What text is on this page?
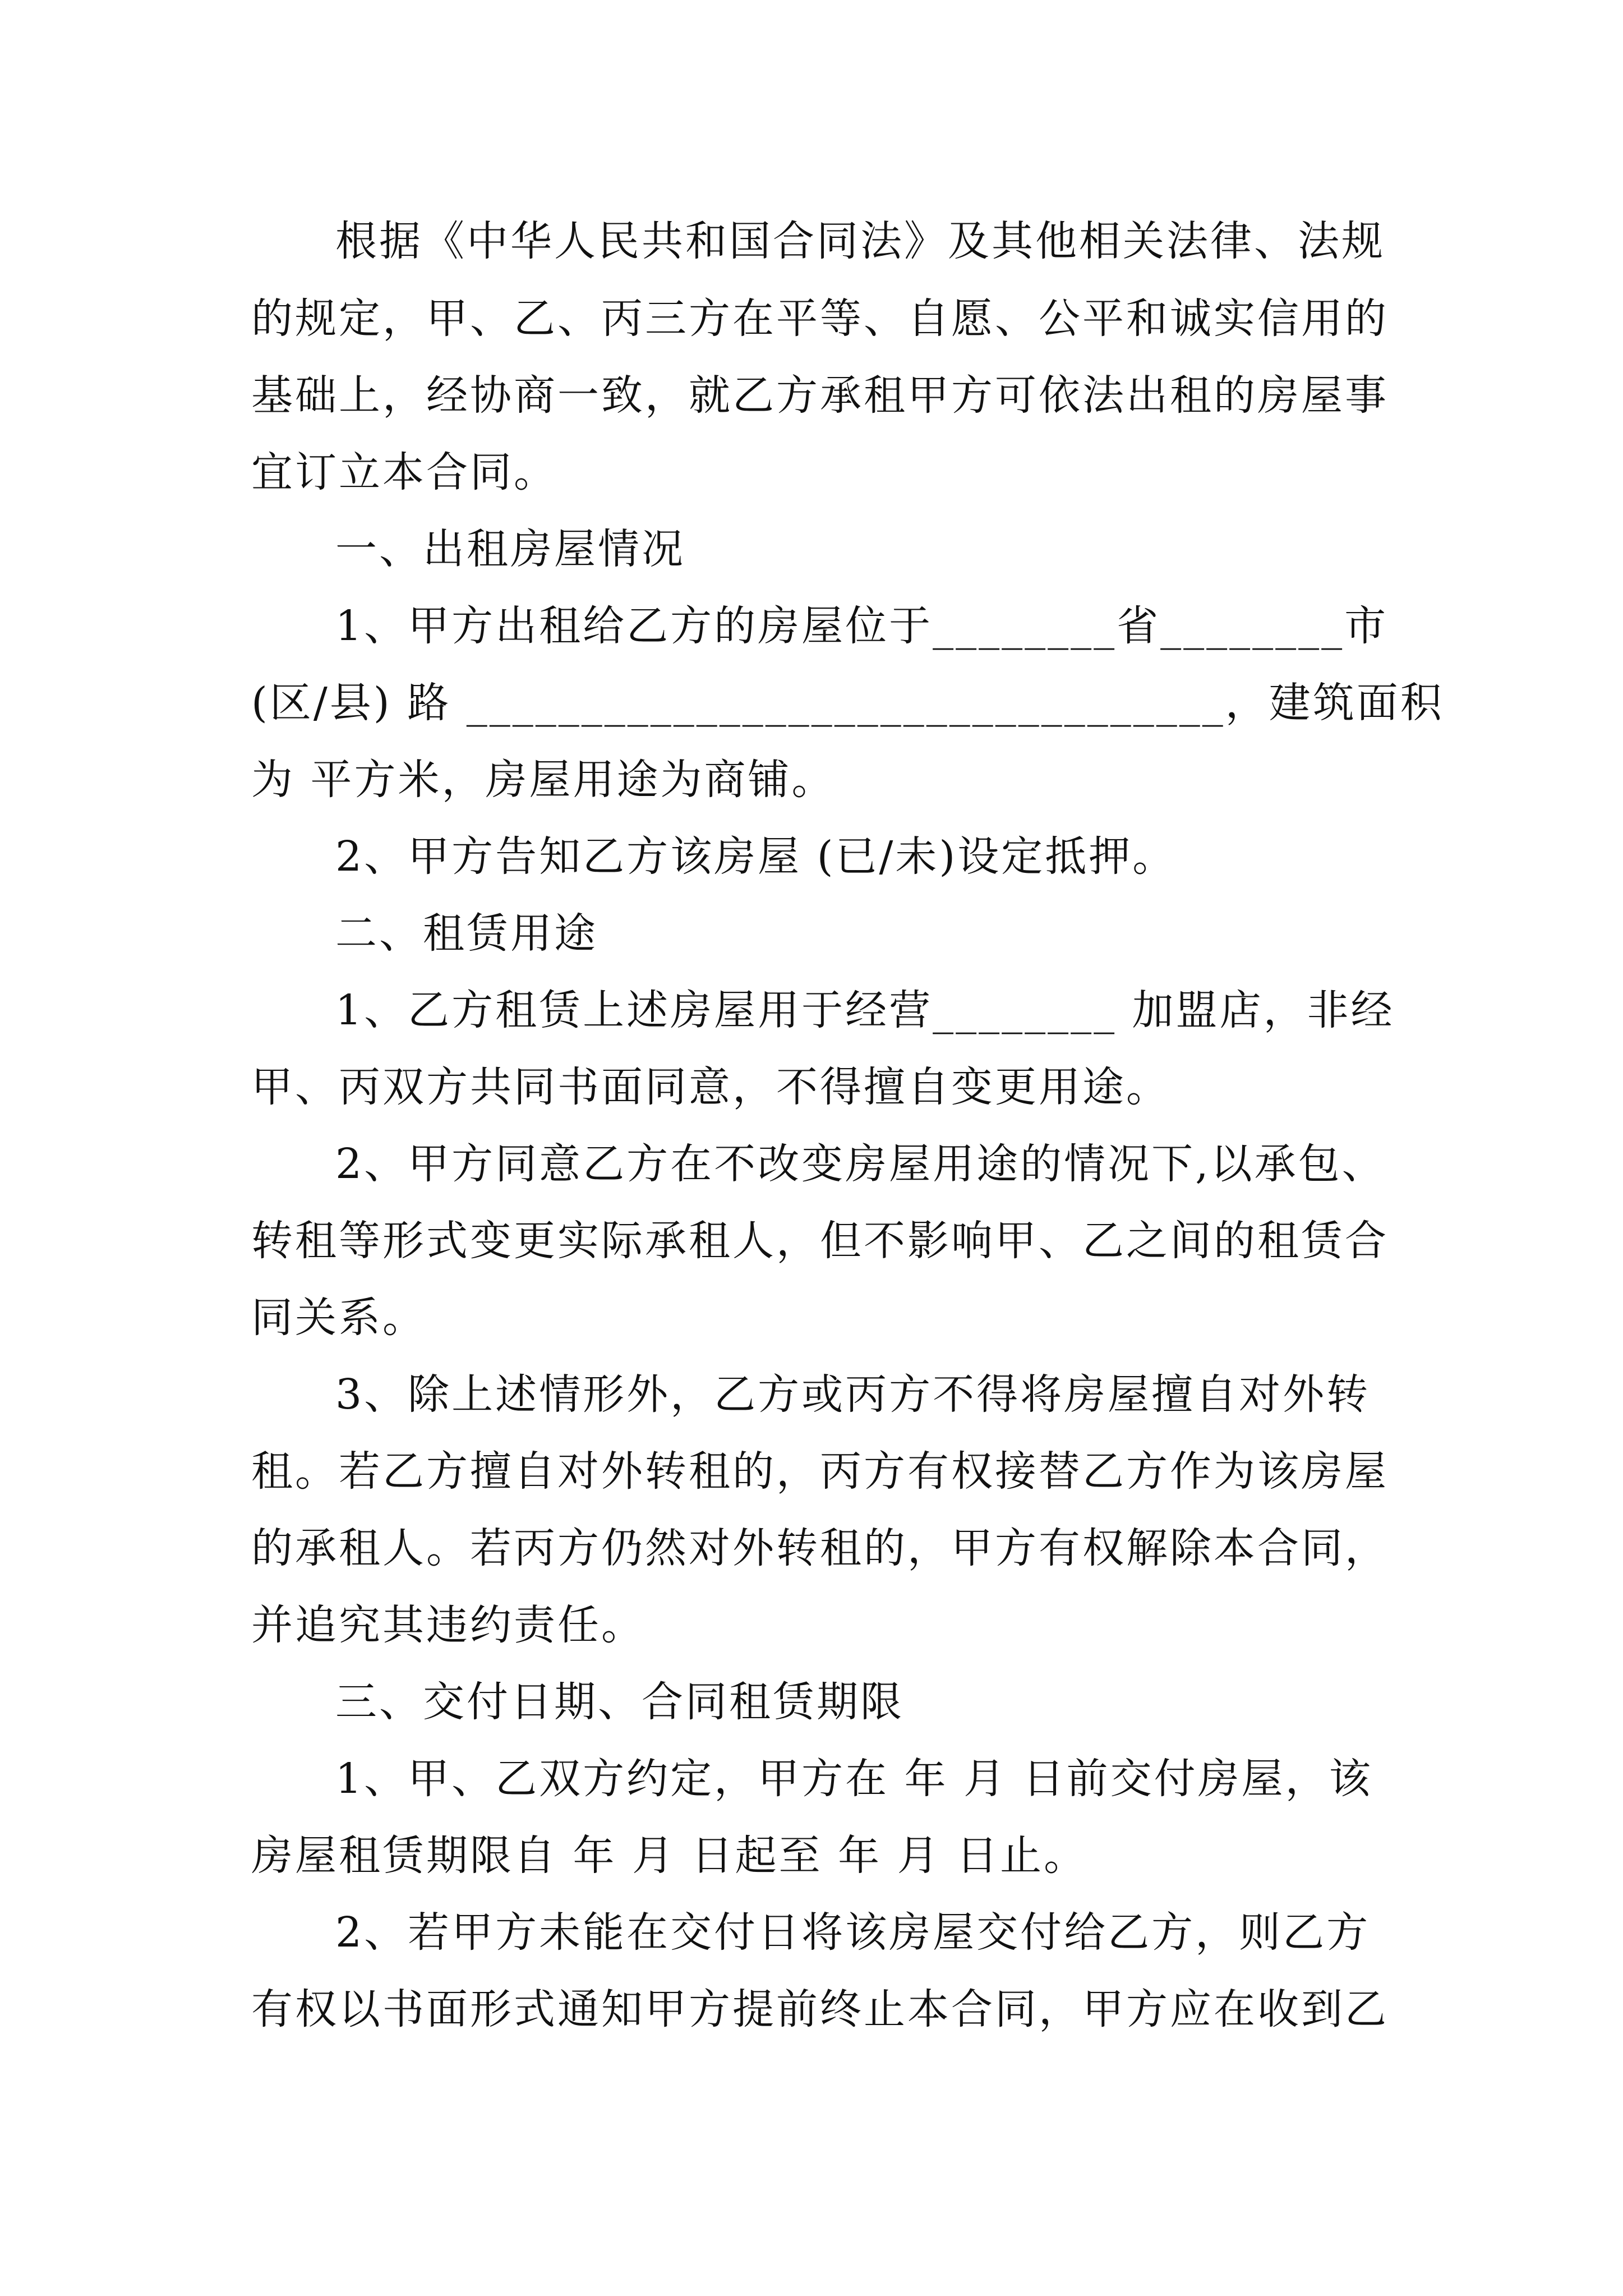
根据《中华人民共和国合同法》及其他相关法律、法规
的规定，甲、乙、丙三方在平等、自愿、公平和诚实信用的
基础上，经协商一致，就乙方承租甲方可依法出租的房屋事
宜订立本合同。
一、出租房屋情况
1、甲方出租给乙方的房屋位于________省________市
(区/县) 路 _________________________________，建筑面积
为 平方米，房屋用途为商铺。
2、甲方告知乙方该房屋 (已/未)设定抵押。
二、租赁用途
1、乙方租赁上述房屋用于经营________ 加盟店，非经
甲、丙双方共同书面同意，不得擅自变更用途。
2、甲方同意乙方在不改变房屋用途的情况下,以承包、
转租等形式变更实际承租人，但不影响甲、乙之间的租赁合
同关系。
3、除上述情形外，乙方或丙方不得将房屋擅自对外转
租。若乙方擅自对外转租的，丙方有权接替乙方作为该房屋
的承租人。若丙方仍然对外转租的，甲方有权解除本合同，
并追究其违约责任。
三、交付日期、合同租赁期限
1、甲、乙双方约定，甲方在 年 月 日前交付房屋，该
房屋租赁期限自 年 月 日起至 年 月 日止。
2、若甲方未能在交付日将该房屋交付给乙方，则乙方
有权以书面形式通知甲方提前终止本合同，甲方应在收到乙
